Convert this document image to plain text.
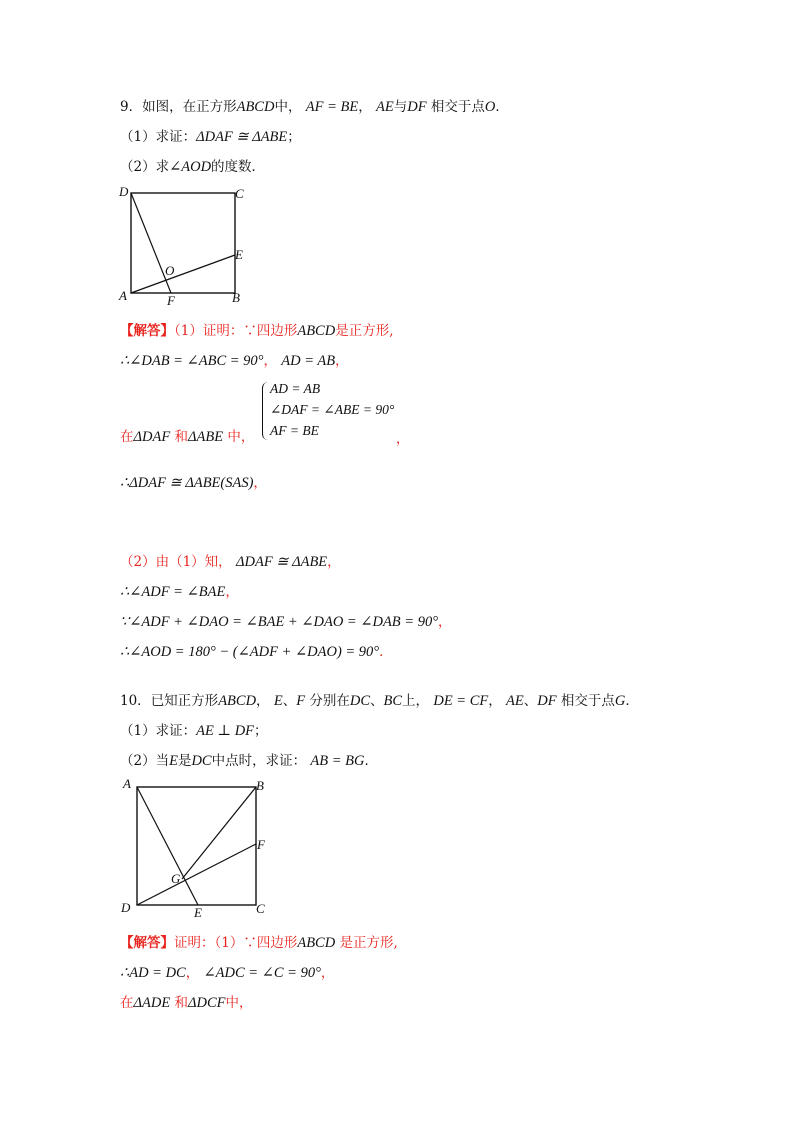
9．如图，在正方形ABCD中， AF = BE， AE与DF 相交于点O．
（1）求证：ΔDAF ≅ ΔABE；
（2）求∠AOD的度数．
D	C
E
O
A	F	B
【解答】（1）证明：∵四边形ABCD是正方形,
∴∠DAB = ∠ABC = 90°， AD = AB，
AD = AB
∠DAF = ∠ABE = 90°
AF = BE
在ΔDAF 和ΔABE 中，	，
∴ΔDAF ≅ ΔABE(SAS)，
（2）由（1）知， ΔDAF ≅ ΔABE，
∴∠ADF = ∠BAE，
∵∠ADF + ∠DAO = ∠BAE + ∠DAO = ∠DAB = 90°，
∴∠AOD = 180° − (∠ADF + ∠DAO) = 90°．
10．已知正方形ABCD， E、F 分别在DC、BC上， DE = CF， AE、DF 相交于点G．
（1）求证：AE ⊥ DF；
（2）当E是DC中点时，求证： AB = BG．
A	B
F
G
D	E	C
【解答】证明：（1）∵四边形ABCD 是正方形,
∴AD = DC， ∠ADC = ∠C = 90°，
在ΔADE 和ΔDCF中，
